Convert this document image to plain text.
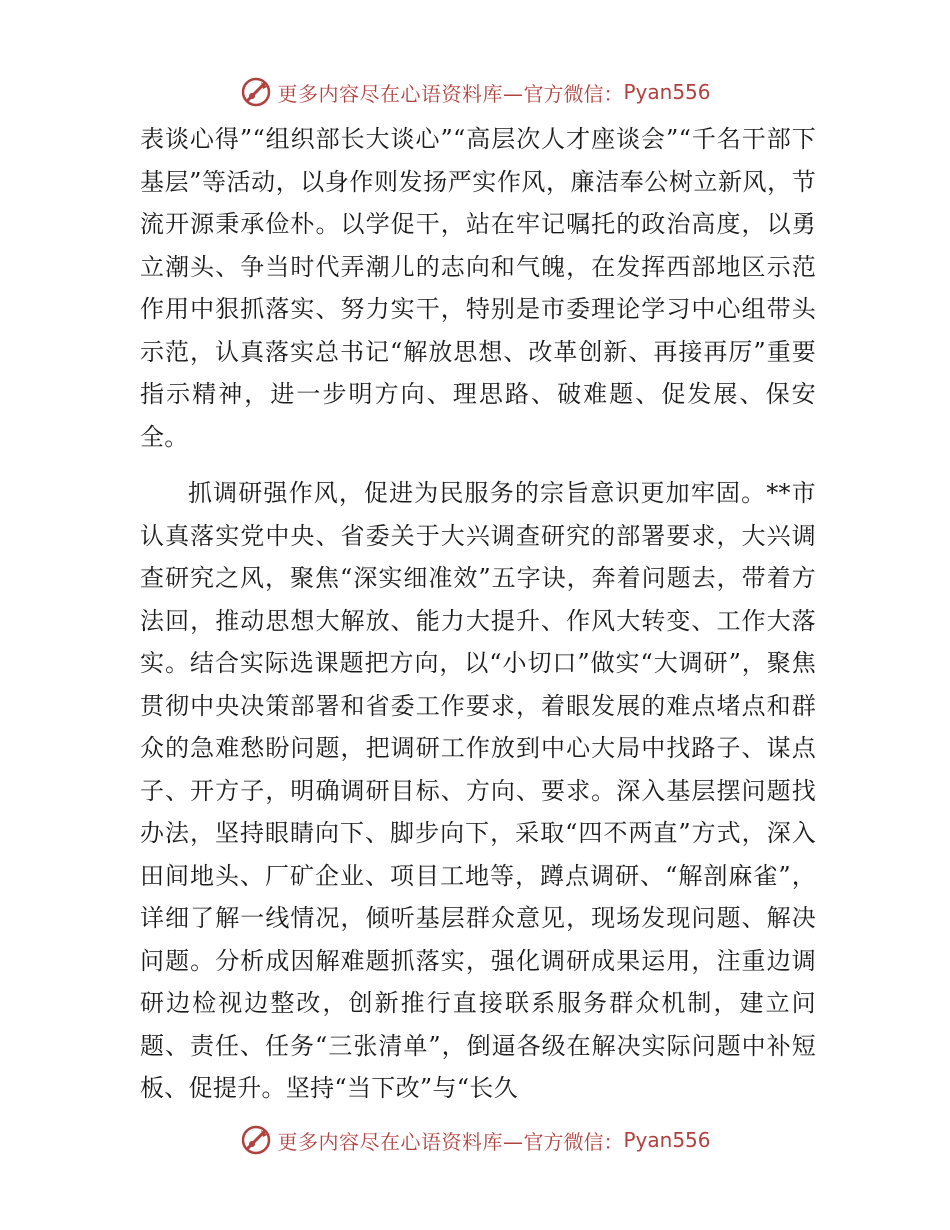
更多内容尽在心语资料库— 官方微信： Pyan556

表谈心得”“组织部长大谈心”“高层次人才座谈会”“千名干部下基层”等活动，以身作则发扬严实作风，廉洁奉公树立新风，节流开源秉承俭朴。以学促干，站在牢记嘱托的政治高度，以勇立潮头、争当时代弄潮儿的志向和气魄，在发挥西部地区示范作用中狠抓落实、努力实干，特别是市委理论学习中心组带头示范，认真落实总书记“解放思想、改革创新、再接再厉”重要指示精神，进一步明方向、理思路、破难题、促发展、保安全。

抓调研强作风，促进为民服务的宗旨意识更加牢固。**市认真落实党中央、省委关于大兴调查研究的部署要求，大兴调查研究之风，聚焦“深实细准效”五字诀，奔着问题去，带着方法回，推动思想大解放、能力大提升、作风大转变、工作大落实。结合实际选课题把方向，以“小切口”做实“大调研”，聚焦贯彻中央决策部署和省委工作要求，着眼发展的难点堵点和群众的急难愁盼问题，把调研工作放到中心大局中找路子、谋点子、开方子，明确调研目标、方向、要求。深入基层摆问题找办法，坚持眼睛向下、脚步向下，采取“四不两直”方式，深入田间地头、厂矿企业、项目工地等，蹲点调研、“解剖麻雀”，详细了解一线情况，倾听基层群众意见，现场发现问题、解决问题。分析成因解难题抓落实，强化调研成果运用，注重边调研边检视边整改，创新推行直接联系服务群众机制，建立问题、责任、任务“三张清单”，倒逼各级在解决实际问题中补短板、促提升。坚持“当下改”与“长久

更多内容尽在心语资料库— 官方微信： Pyan556
